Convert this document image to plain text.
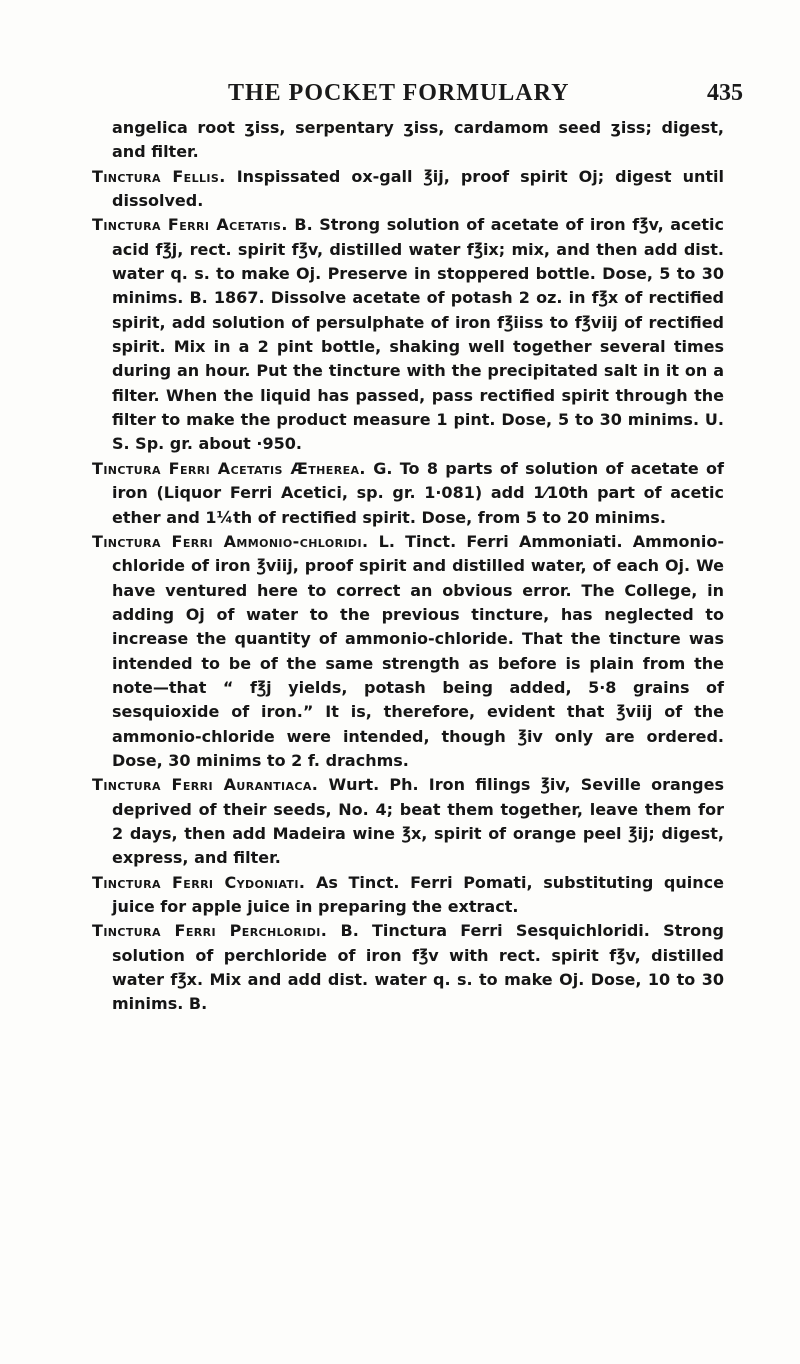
THE POCKET FORMULARY	435

angelica root ʒiss, serpentary ʒiss, cardamom seed ʒiss; digest, and filter.

Tinctura Fellis. Inspissated ox-gall ℥ij, proof spirit Oj; digest until dissolved.

Tinctura Ferri Acetatis. B. Strong solution of acetate of iron f℥v, acetic acid f℥j, rect. spirit f℥v, distilled water f℥ix; mix, and then add dist. water q. s. to make Oj. Preserve in stoppered bottle. Dose, 5 to 30 minims. B. 1867. Dissolve acetate of potash 2 oz. in f℥x of rectified spirit, add solution of persulphate of iron f℥iiss to f℥viij of rectified spirit. Mix in a 2 pint bottle, shaking well together several times during an hour. Put the tincture with the precipitated salt in it on a filter. When the liquid has passed, pass rectified spirit through the filter to make the product measure 1 pint. Dose, 5 to 30 minims. U. S. Sp. gr. about ·950.

Tinctura Ferri Acetatis Ætherea. G. To 8 parts of solution of acetate of iron (Liquor Ferri Acetici, sp. gr. 1·081) add 1⁄10th part of acetic ether and 1¼th of rectified spirit. Dose, from 5 to 20 minims.

Tinctura Ferri Ammonio-chloridi. L. Tinct. Ferri Ammoniati. Ammonio-chloride of iron ℥viij, proof spirit and distilled water, of each Oj. We have ventured here to correct an obvious error. The College, in adding Oj of water to the previous tincture, has neglected to increase the quantity of ammonio-chloride. That the tincture was intended to be of the same strength as before is plain from the note—that “ f℥j yields, potash being added, 5·8 grains of sesquioxide of iron.” It is, therefore, evident that ℥viij of the ammonio-chloride were intended, though ℥iv only are ordered. Dose, 30 minims to 2 f. drachms.

Tinctura Ferri Aurantiaca. Wurt. Ph. Iron filings ℥iv, Seville oranges deprived of their seeds, No. 4; beat them together, leave them for 2 days, then add Madeira wine ℥x, spirit of orange peel ℥ij; digest, express, and filter.

Tinctura Ferri Cydoniati. As Tinct. Ferri Pomati, substituting quince juice for apple juice in preparing the extract.

Tinctura Ferri Perchloridi. B. Tinctura Ferri Sesquichloridi. Strong solution of perchloride of iron f℥v with rect. spirit f℥v, distilled water f℥x. Mix and add dist. water q. s. to make Oj. Dose, 10 to 30 minims. B.
